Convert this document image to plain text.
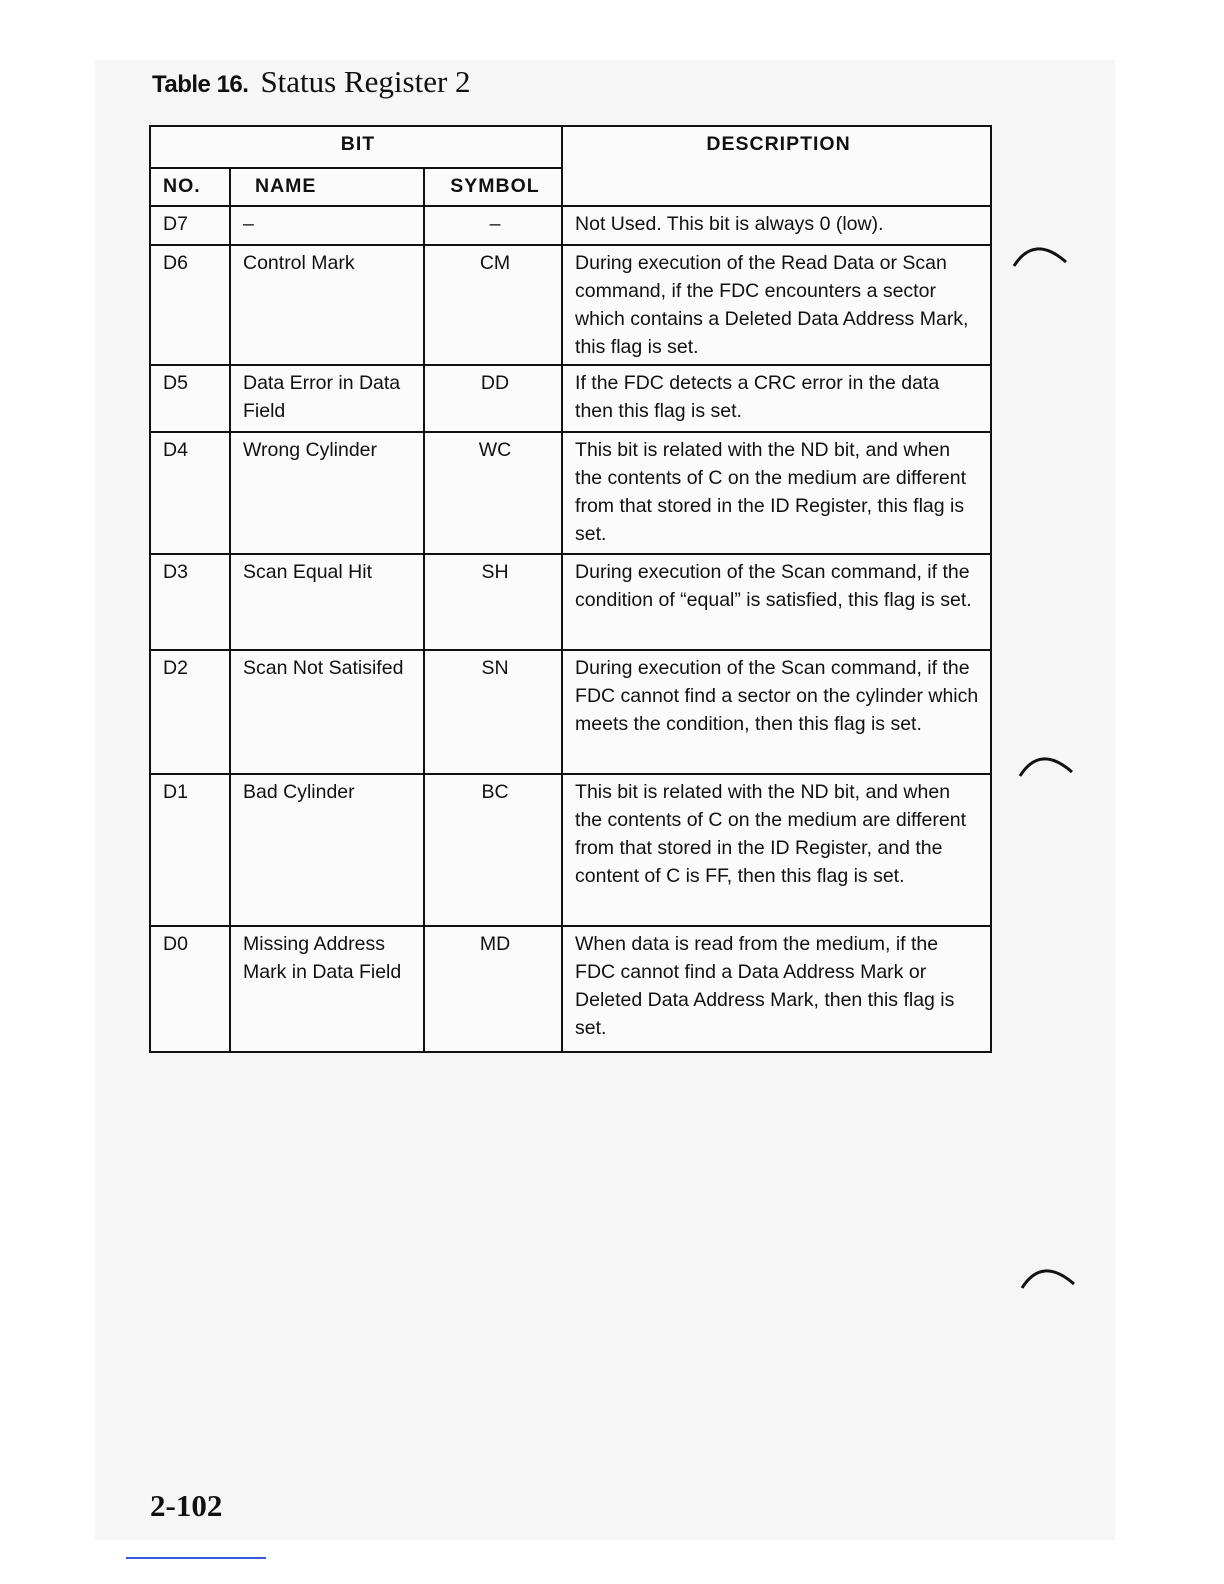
Table 16. Status Register 2
BIT			DESCRIPTION
NO.	NAME	SYMBOL	
D7	–	–	Not Used. This bit is always 0 (low).
D6	Control Mark	CM	During execution of the Read Data or Scan command, if the FDC encounters a sector which contains a Deleted Data Address Mark, this flag is set.
D5	Data Error in Data Field	DD	If the FDC detects a CRC error in the data then this flag is set.
D4	Wrong Cylinder	WC	This bit is related with the ND bit, and when the contents of C on the medium are different from that stored in the ID Register, this flag is set.
D3	Scan Equal Hit	SH	During execution of the Scan command, if the condition of “equal” is satisfied, this flag is set.
D2	Scan Not Satisifed	SN	During execution of the Scan command, if the FDC cannot find a sector on the cylinder which meets the condition, then this flag is set.
D1	Bad Cylinder	BC	This bit is related with the ND bit, and when the contents of C on the medium are different from that stored in the ID Register, and the content of C is FF, then this flag is set.
D0	Missing Address Mark in Data Field	MD	When data is read from the medium, if the FDC cannot find a Data Address Mark or Deleted Data Address Mark, then this flag is set.
2-102
